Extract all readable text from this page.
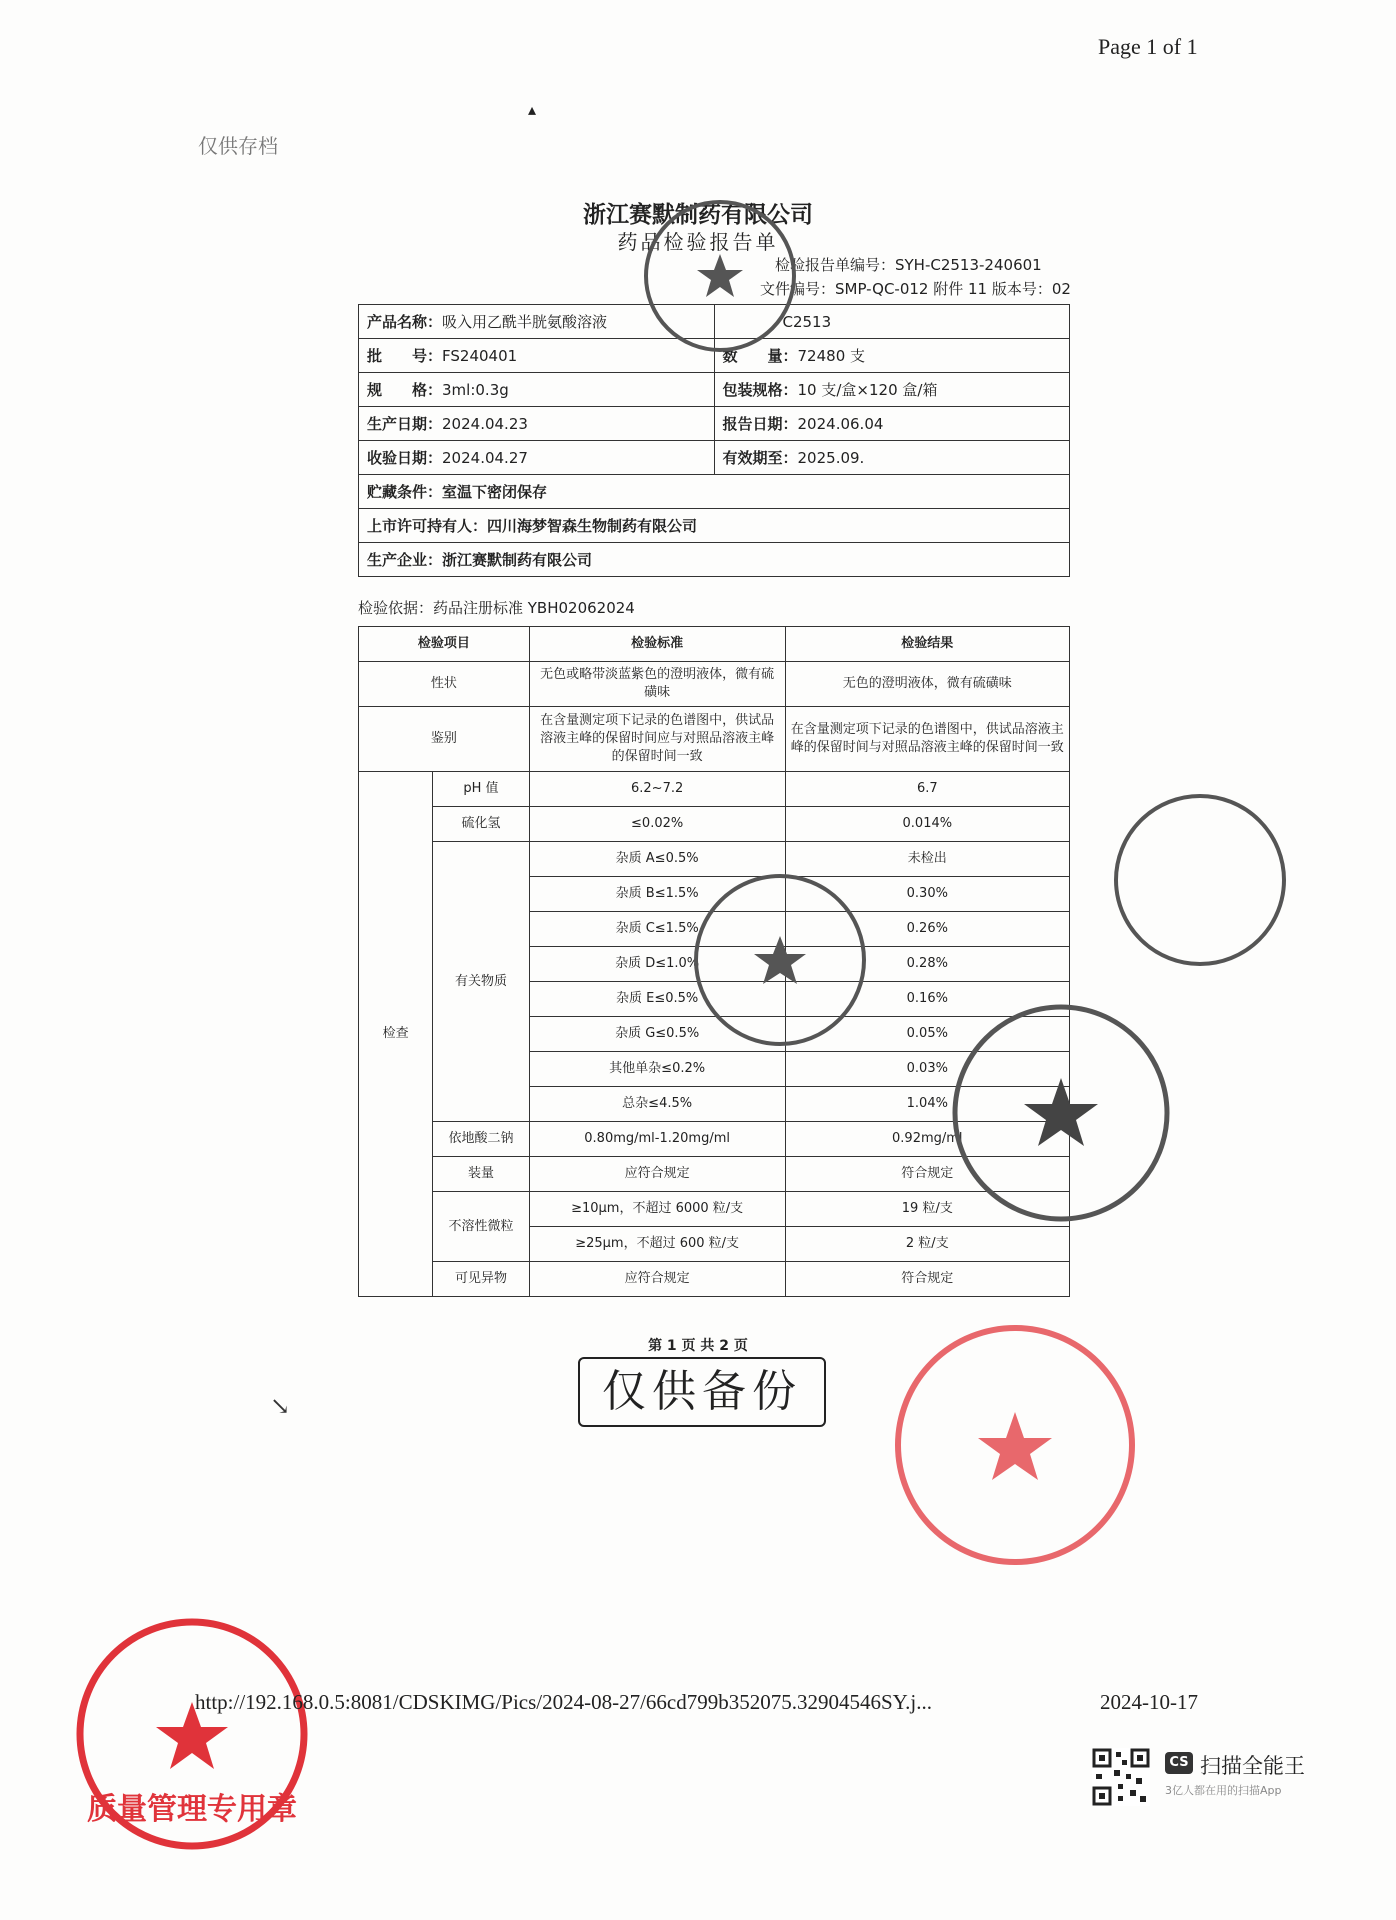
Page 1 of 1
仅供存档
▴
浙江赛默制药有限公司
药品检验报告单
检验报告单编号：SYH-C2513-240601
文件编号：SMP-QC-012 附件 11 版本号：02
产品名称：吸入用乙酰半胱氨酸溶液	C2513
批　　号：FS240401	数　　量：72480 支
规　　格：3ml:0.3g	包装规格：10 支/盒×120 盒/箱
生产日期：2024.04.23	报告日期：2024.06.04
收验日期：2024.04.27	有效期至：2025.09.
贮藏条件：室温下密闭保存	
上市许可持有人：四川海梦智森生物制药有限公司	
生产企业：浙江赛默制药有限公司	
检验依据：药品注册标准 YBH02062024
检验项目		检验标准	检验结果
性状		无色或略带淡蓝紫色的澄明液体，微有硫磺味	无色的澄明液体，微有硫磺味
鉴别		在含量测定项下记录的色谱图中，供试品溶液主峰的保留时间应与对照品溶液主峰的保留时间一致	在含量测定项下记录的色谱图中，供试品溶液主峰的保留时间与对照品溶液主峰的保留时间一致
检查	pH 值	6.2~7.2	6.7
	硫化氢	≤0.02%	0.014%
	有关物质	杂质 A≤0.5%	未检出
		杂质 B≤1.5%	0.30%
		杂质 C≤1.5%	0.26%
		杂质 D≤1.0%	0.28%
		杂质 E≤0.5%	0.16%
		杂质 G≤0.5%	0.05%
		其他单杂≤0.2%	0.03%
		总杂≤4.5%	1.04%
	依地酸二钠	0.80mg/ml-1.20mg/ml	0.92mg/ml
	装量	应符合规定	符合规定
	不溶性微粒	≥10μm，不超过 6000 粒/支	19 粒/支
		≥25μm，不超过 600 粒/支	2 粒/支
	可见异物	应符合规定	符合规定
第 1 页 共 2 页
仅供备份
↘
质量管理专用章
http://192.168.0.5:8081/CDSKIMG/Pics/2024-08-27/66cd799b352075.32904546SY.j...	2024-10-17
CS 扫描全能王
3亿人都在用的扫描App
